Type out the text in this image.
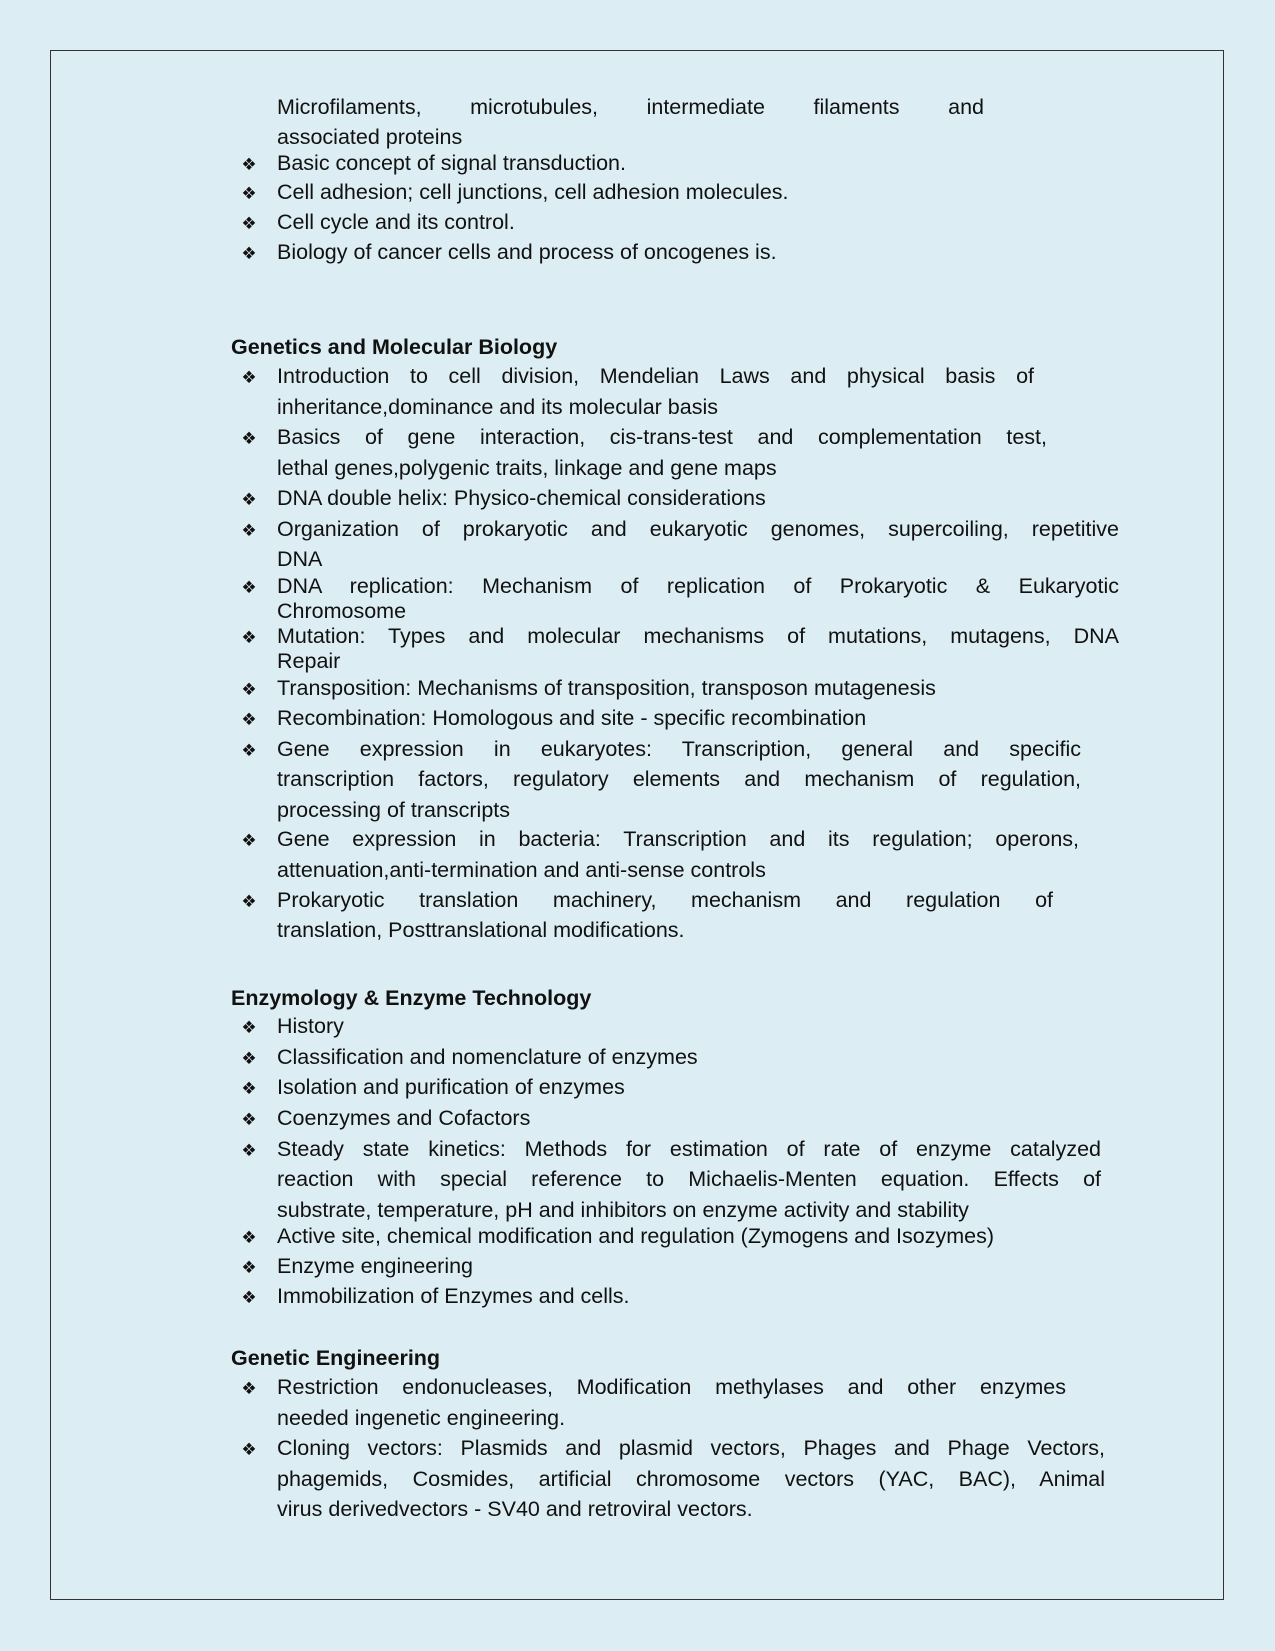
Microfilaments, microtubules, intermediate filaments and
associated proteins
❖ Basic concept of signal transduction.
❖ Cell adhesion; cell junctions, cell adhesion molecules.
❖ Cell cycle and its control.
❖ Biology of cancer cells and process of oncogenes is.
Genetics and Molecular Biology
❖ Introduction to cell division, Mendelian Laws and physical basis of
inheritance,dominance and its molecular basis
❖ Basics of gene interaction, cis-trans-test and complementation test,
lethal genes,polygenic traits, linkage and gene maps
❖ DNA double helix: Physico-chemical considerations
❖ Organization of prokaryotic and eukaryotic genomes, supercoiling, repetitive
DNA
❖ DNA replication: Mechanism of replication of Prokaryotic & Eukaryotic
Chromosome
❖ Mutation: Types and molecular mechanisms of mutations, mutagens, DNA
Repair
❖ Transposition: Mechanisms of transposition, transposon mutagenesis
❖ Recombination: Homologous and site - specific recombination
❖ Gene expression in eukaryotes: Transcription, general and specific
transcription factors, regulatory elements and mechanism of regulation,
processing of transcripts
❖ Gene expression in bacteria: Transcription and its regulation; operons,
attenuation,anti-termination and anti-sense controls
❖ Prokaryotic translation machinery, mechanism and regulation of
translation, Posttranslational modifications.
Enzymology & Enzyme Technology
❖ History
❖ Classification and nomenclature of enzymes
❖ Isolation and purification of enzymes
❖ Coenzymes and Cofactors
❖ Steady state kinetics: Methods for estimation of rate of enzyme catalyzed
reaction with special reference to Michaelis-Menten equation. Effects of
substrate, temperature, pH and inhibitors on enzyme activity and stability
❖ Active site, chemical modification and regulation (Zymogens and Isozymes)
❖ Enzyme engineering
❖ Immobilization of Enzymes and cells.
Genetic Engineering
❖ Restriction endonucleases, Modification methylases and other enzymes
needed ingenetic engineering.
❖ Cloning vectors: Plasmids and plasmid vectors, Phages and Phage Vectors,
phagemids, Cosmides, artificial chromosome vectors (YAC, BAC), Animal
virus derivedvectors - SV40 and retroviral vectors.
